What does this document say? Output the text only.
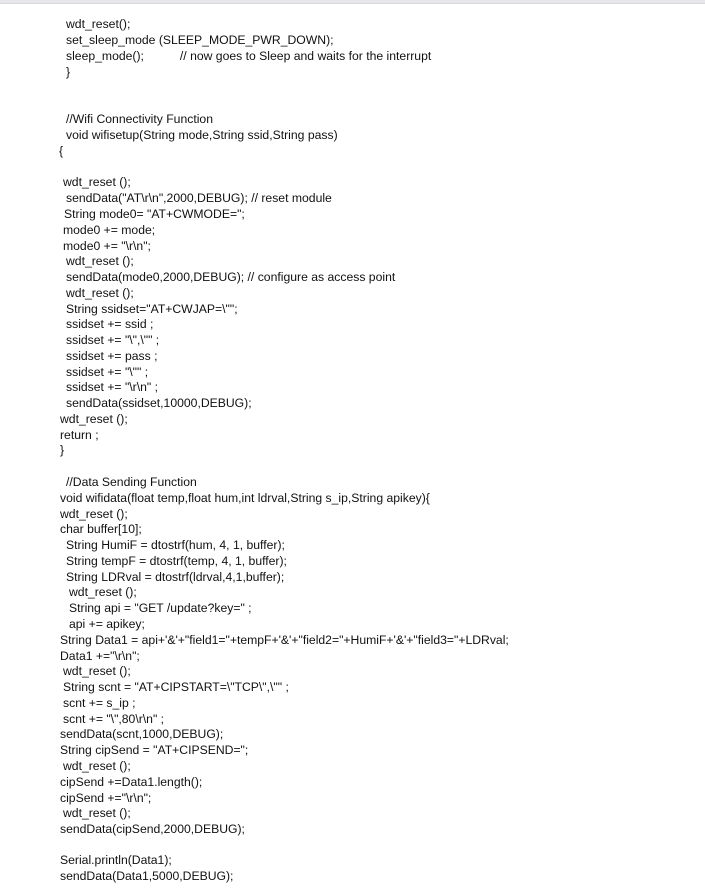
wdt_reset();
set_sleep_mode (SLEEP_MODE_PWR_DOWN);
sleep_mode();	// now goes to Sleep and waits for the interrupt
}
//Wifi Connectivity Function
void wifisetup(String mode,String ssid,String pass)
{
wdt_reset ();
sendData("AT\r\n",2000,DEBUG); // reset module
String mode0= "AT+CWMODE=";
mode0 += mode;
mode0 += "\r\n";
wdt_reset ();
sendData(mode0,2000,DEBUG); // configure as access point
wdt_reset ();
String ssidset="AT+CWJAP=\"";
ssidset += ssid ;
ssidset += "\",\"" ;
ssidset += pass ;
ssidset += "\"" ;
ssidset += "\r\n" ;
sendData(ssidset,10000,DEBUG);
wdt_reset ();
return ;
}
//Data Sending Function
void wifidata(float temp,float hum,int ldrval,String s_ip,String apikey){
wdt_reset ();
char buffer[10];
String HumiF = dtostrf(hum, 4, 1, buffer);
String tempF = dtostrf(temp, 4, 1, buffer);
String LDRval = dtostrf(ldrval,4,1,buffer);
wdt_reset ();
String api = "GET /update?key=" ;
api += apikey;
String Data1 = api+'&'+"field1="+tempF+'&'+"field2="+HumiF+'&'+"field3="+LDRval;
Data1 +="\r\n";
wdt_reset ();
String scnt = "AT+CIPSTART=\"TCP\",\"" ;
scnt += s_ip ;
scnt += "\",80\r\n" ;
sendData(scnt,1000,DEBUG);
String cipSend = "AT+CIPSEND=";
wdt_reset ();
cipSend +=Data1.length();
cipSend +="\r\n";
wdt_reset ();
sendData(cipSend,2000,DEBUG);
Serial.println(Data1);
sendData(Data1,5000,DEBUG);
